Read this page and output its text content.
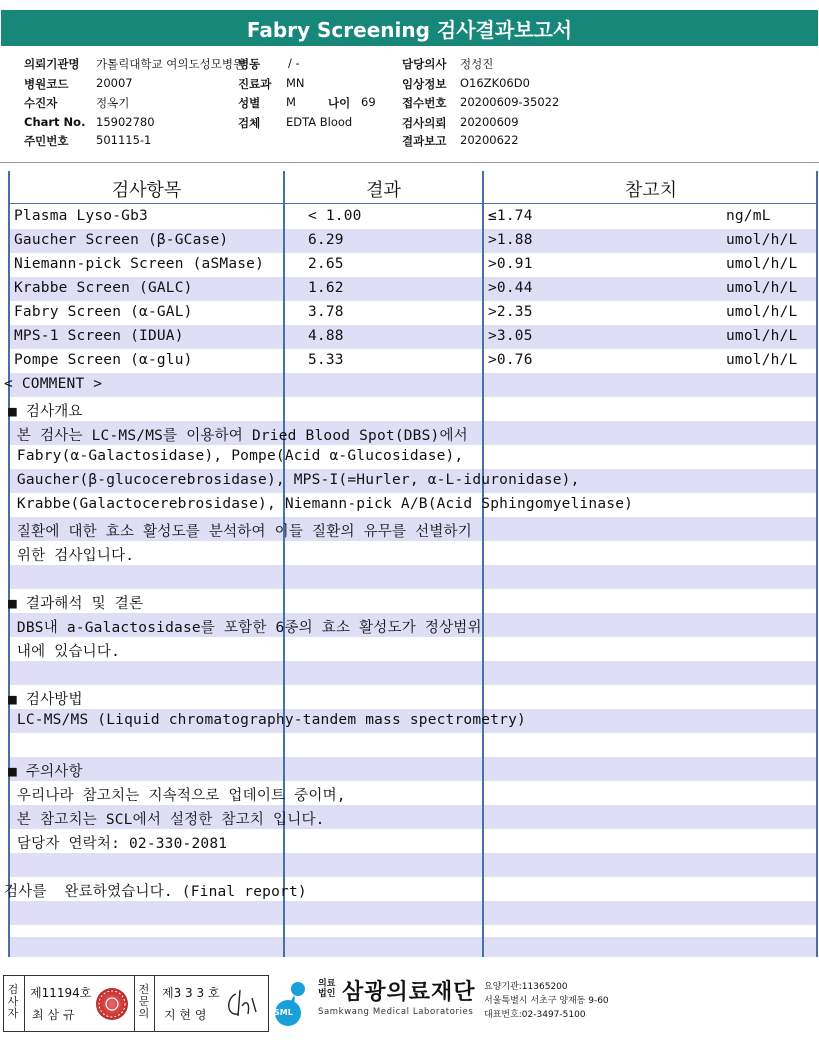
Fabry Screening 검사결과보고서
의뢰기관명 가톨릭대학교 여의도성모병원
병원코드 20007
수진자	정옥기
Chart No. 15902780
주민번호 501115-1
병동 / -
진료과 MN
성별 M	나이 69
검체 EDTA Blood
담당의사 정성진
임상정보 O16ZK06D0
접수번호 20200609-35022
검사의뢰 20200609
결과보고 20200622
검사항목	결과	참고치
Plasma Lyso-Gb3	< 1.00	≤1.74	ng/mL
Gaucher Screen (β-GCase)	6.29	>1.88	umol/h/L
Niemann-pick Screen (aSMase)	2.65	>0.91	umol/h/L
Krabbe Screen (GALC)	1.62	>0.44	umol/h/L
Fabry Screen (α-GAL)	3.78	>2.35	umol/h/L
MPS-1 Screen (IDUA)	4.88	>3.05	umol/h/L
Pompe Screen (α-glu)	5.33	>0.76	umol/h/L
< COMMENT >
■ 검사개요
본 검사는 LC-MS/MS를 이용하여 Dried Blood Spot(DBS)에서
Fabry(α-Galactosidase), Pompe(Acid α-Glucosidase),
Gaucher(β-glucocerebrosidase), MPS-I(=Hurler, α-L-iduronidase),
Krabbe(Galactocerebrosidase), Niemann-pick A/B(Acid Sphingomyelinase)
질환에 대한 효소 활성도를 분석하여 이들 질환의 유무를 선별하기
위한 검사입니다.
■ 결과해석 및 결론
DBS내 a-Galactosidase를 포함한 6종의 효소 활성도가 정상범위
내에 있습니다.
■ 검사방법
LC-MS/MS (Liquid chromatography-tandem mass spectrometry)
■ 주의사항
우리나라 참고치는 지속적으로 업데이트 중이며,
본 참고치는 SCL에서 설정한 참고치 입니다.
담당자 연락처: 02-330-2081
검사를  완료하였습니다. (Final report)
검사자
제11194호
최 삼 규
전문의
제3 3 3 호
지 현 영	SML
의료법인 삼광의료재단
Samkwang Medical Laboratories
요양기관:11365200
서울특별시 서초구 양재동 9-60
대표번호:02-3497-5100
